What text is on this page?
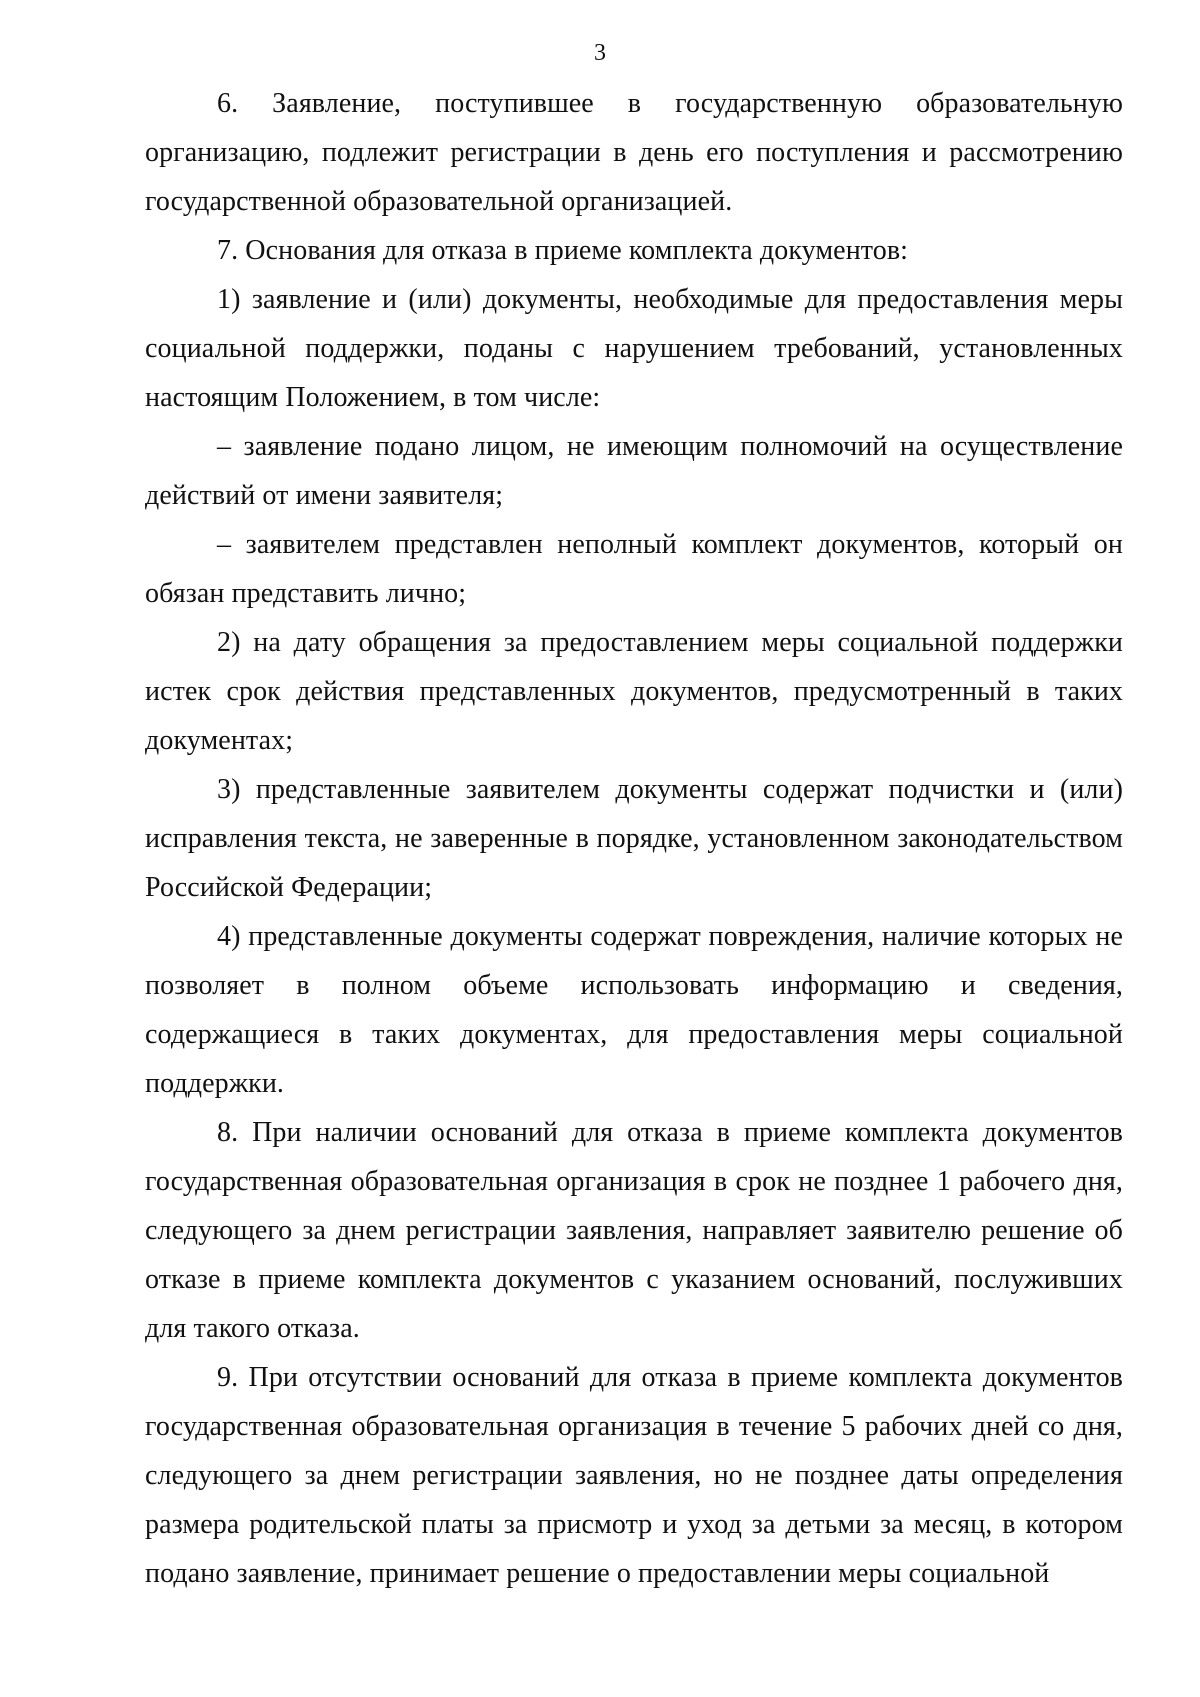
3

6. Заявление, поступившее в государственную образовательную организацию, подлежит регистрации в день его поступления и рассмотрению государственной образовательной организацией.

7. Основания для отказа в приеме комплекта документов:

1) заявление и (или) документы, необходимые для предоставления меры социальной поддержки, поданы с нарушением требований, установленных настоящим Положением, в том числе:

– заявление подано лицом, не имеющим полномочий на осуществление действий от имени заявителя;

– заявителем представлен неполный комплект документов, который он обязан представить лично;

2) на дату обращения за предоставлением меры социальной поддержки истек срок действия представленных документов, предусмотренный в таких документах;

3) представленные заявителем документы содержат подчистки и (или) исправления текста, не заверенные в порядке, установленном законодательством Российской Федерации;

4) представленные документы содержат повреждения, наличие которых не позволяет в полном объеме использовать информацию и сведения, содержащиеся в таких документах, для предоставления меры социальной поддержки.

8. При наличии оснований для отказа в приеме комплекта документов государственная образовательная организация в срок не позднее 1 рабочего дня, следующего за днем регистрации заявления, направляет заявителю решение об отказе в приеме комплекта документов с указанием оснований, послуживших для такого отказа.

9. При отсутствии оснований для отказа в приеме комплекта документов государственная образовательная организация в течение 5 рабочих дней со дня, следующего за днем регистрации заявления, но не позднее даты определения размера родительской платы за присмотр и уход за детьми за месяц, в котором подано заявление, принимает решение о предоставлении меры социальной
